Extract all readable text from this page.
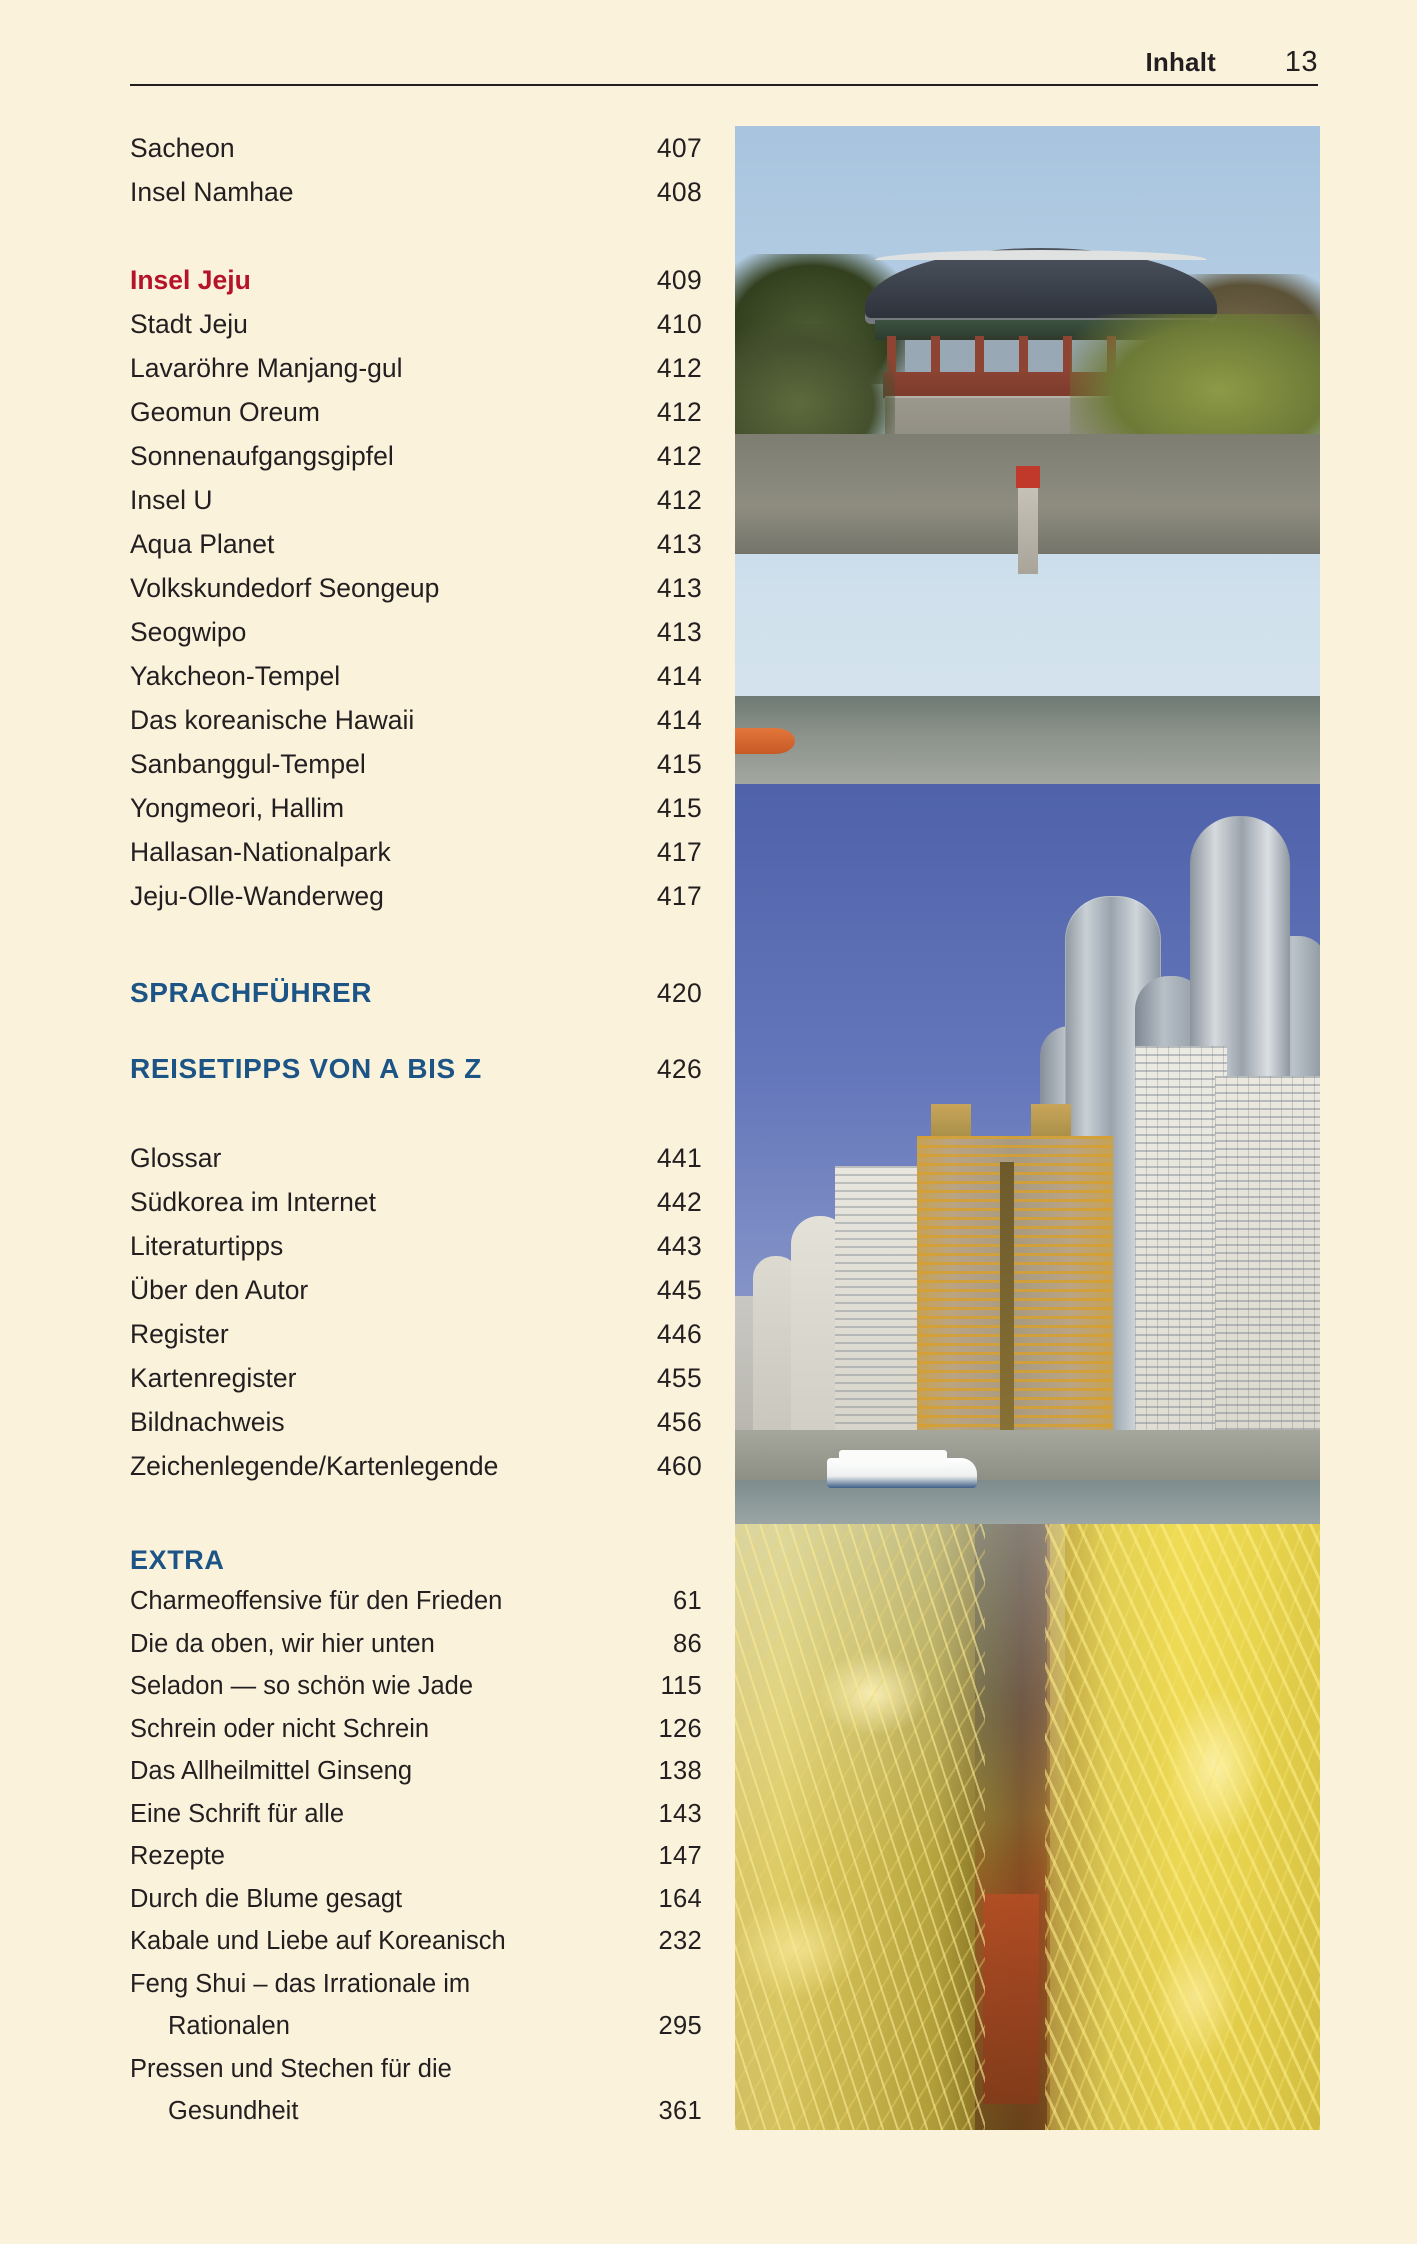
Inhalt	13
Sacheon	407
Insel Namhae	408
Insel Jeju	409
Stadt Jeju	410
Lavaröhre Manjang-gul	412
Geomun Oreum	412
Sonnenaufgangsgipfel	412
Insel U	412
Aqua Planet	413
Volkskundedorf Seongeup	413
Seogwipo	413
Yakcheon-Tempel	414
Das koreanische Hawaii	414
Sanbanggul-Tempel	415
Yongmeori, Hallim	415
Hallasan-Nationalpark	417
Jeju-Olle-Wanderweg	417
SPRACHFÜHRER	420
REISETIPPS VON A BIS Z	426
Glossar	441
Südkorea im Internet	442
Literaturtipps	443
Über den Autor	445
Register	446
Kartenregister	455
Bildnachweis	456
Zeichenlegende/Kartenlegende	460
EXTRA
Charmeoffensive für den Frieden	61
Die da oben, wir hier unten	86
Seladon — so schön wie Jade	115
Schrein oder nicht Schrein	126
Das Allheilmittel Ginseng	138
Eine Schrift für alle	143
Rezepte	147
Durch die Blume gesagt	164
Kabale und Liebe auf Koreanisch	232
Feng Shui – das Irrationale im
Rationalen	295
Pressen und Stechen für die
Gesundheit	361
